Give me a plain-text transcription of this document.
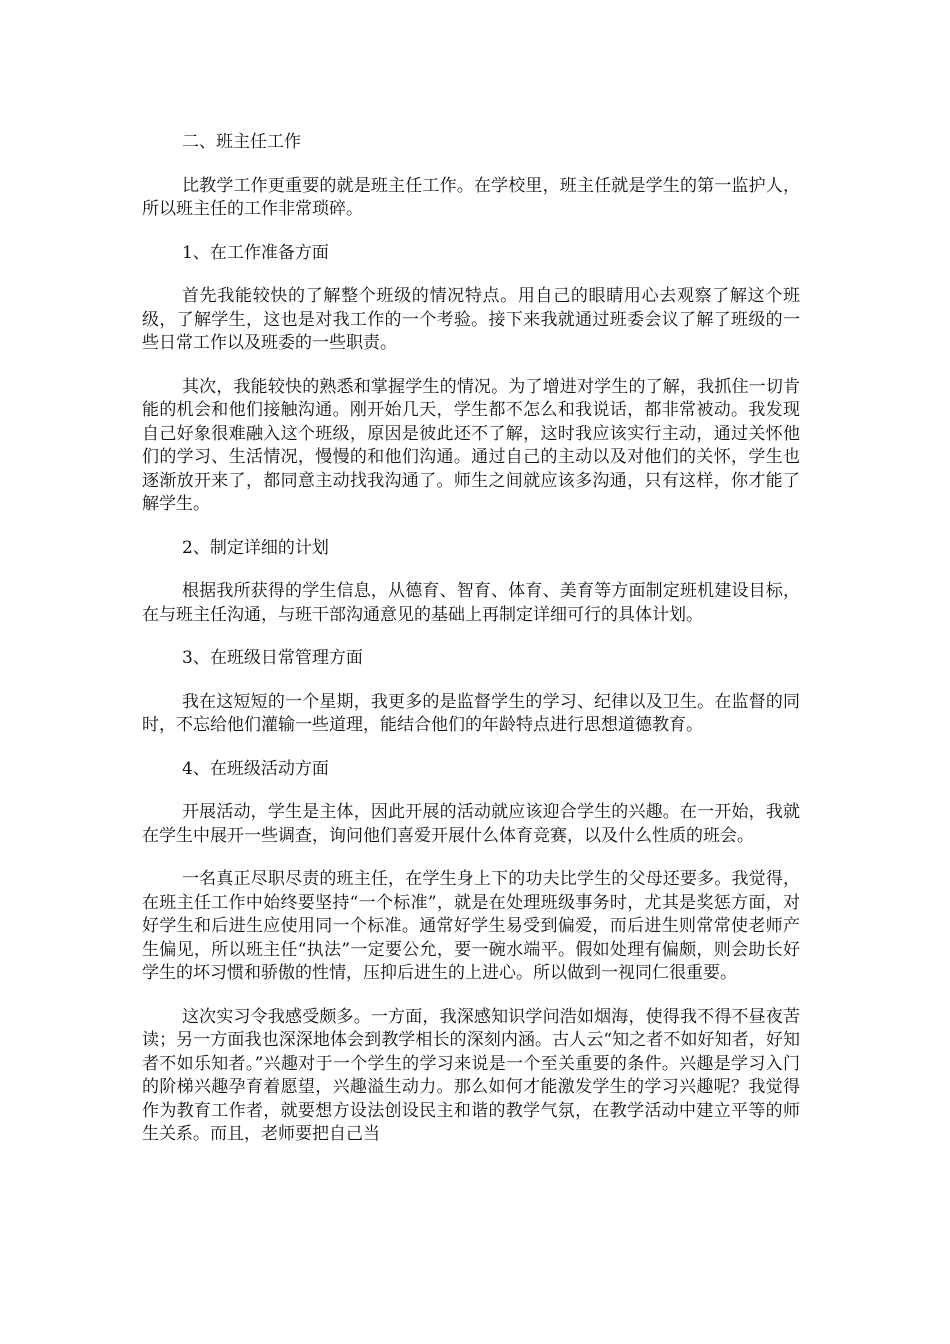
二、班主任工作

比教学工作更重要的就是班主任工作。在学校里，班主任就是学生的第一监护人，所以班主任的工作非常琐碎。

1、在工作准备方面

首先我能较快的了解整个班级的情况特点。用自己的眼睛用心去观察了解这个班级，了解学生，这也是对我工作的一个考验。接下来我就通过班委会议了解了班级的一些日常工作以及班委的一些职责。

其次，我能较快的熟悉和掌握学生的情况。为了增进对学生的了解，我抓住一切肯能的机会和他们接触沟通。刚开始几天，学生都不怎么和我说话，都非常被动。我发现自己好象很难融入这个班级，原因是彼此还不了解，这时我应该实行主动，通过关怀他们的学习、生活情况，慢慢的和他们沟通。通过自己的主动以及对他们的关怀，学生也逐渐放开来了，都同意主动找我沟通了。师生之间就应该多沟通，只有这样，你才能了解学生。

2、制定详细的计划

根据我所获得的学生信息，从德育、智育、体育、美育等方面制定班机建设目标，在与班主任沟通，与班干部沟通意见的基础上再制定详细可行的具体计划。

3、在班级日常管理方面

我在这短短的一个星期，我更多的是监督学生的学习、纪律以及卫生。在监督的同时，不忘给他们灌输一些道理，能结合他们的年龄特点进行思想道德教育。

4、在班级活动方面

开展活动，学生是主体，因此开展的活动就应该迎合学生的兴趣。在一开始，我就在学生中展开一些调查，询问他们喜爱开展什么体育竞赛，以及什么性质的班会。

一名真正尽职尽责的班主任，在学生身上下的功夫比学生的父母还要多。我觉得，在班主任工作中始终要坚持“一个标准”，就是在处理班级事务时，尤其是奖惩方面，对好学生和后进生应使用同一个标准。通常好学生易受到偏爱，而后进生则常常使老师产生偏见，所以班主任“执法”一定要公允，要一碗水端平。假如处理有偏颇，则会助长好学生的坏习惯和骄傲的性情，压抑后进生的上进心。所以做到一视同仁很重要。

这次实习令我感受颇多。一方面，我深感知识学问浩如烟海，使得我不得不昼夜苦读；另一方面我也深深地体会到教学相长的深刻内涵。古人云“知之者不如好知者，好知者不如乐知者。”兴趣对于一个学生的学习来说是一个至关重要的条件。兴趣是学习入门的阶梯兴趣孕育着愿望，兴趣溢生动力。那么如何才能激发学生的学习兴趣呢？我觉得作为教育工作者，就要想方设法创设民主和谐的教学气氛，在教学活动中建立平等的师生关系。而且，老师要把自己当
